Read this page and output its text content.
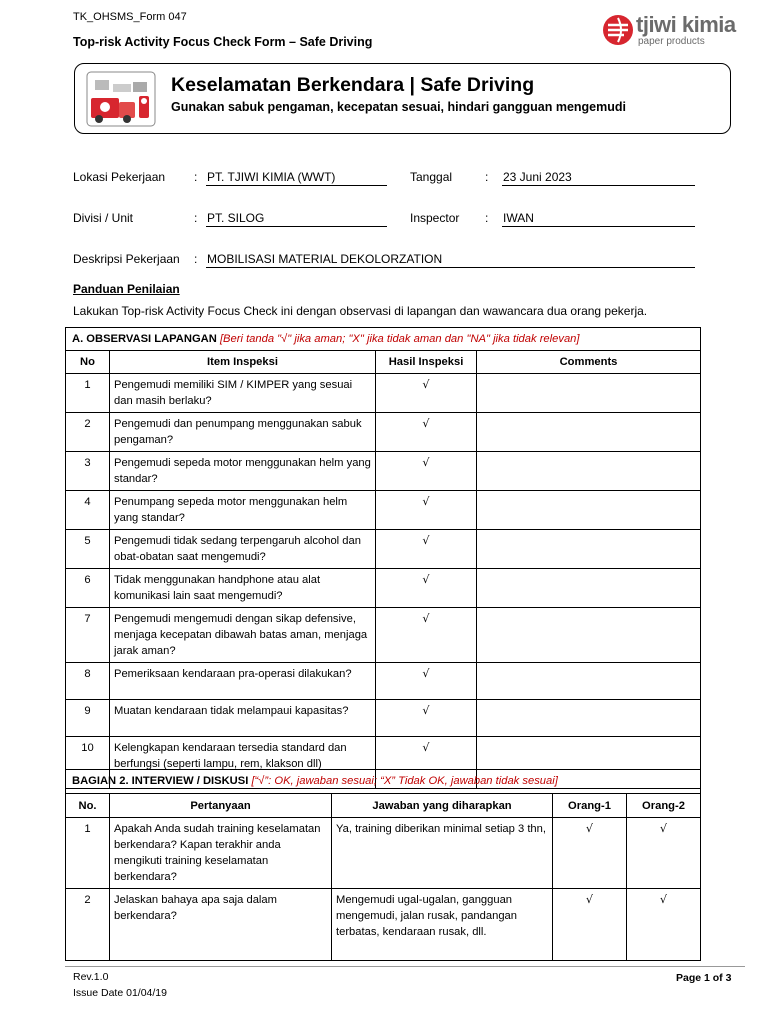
TK_OHSMS_Form 047
Top-risk Activity Focus Check Form – Safe Driving
tjiwi kimia
paper products
Keselamatan Berkendara | Safe Driving
Gunakan sabuk pengaman, kecepatan sesuai, hindari gangguan mengemudi
Lokasi Pekerjaan : PT. TJIWI KIMIA (WWT)	Tanggal	: 23 Juni 2023
Divisi / Unit	: PT. SILOG	Inspector : IWAN
Deskripsi Pekerjaan : MOBILISASI MATERIAL DEKOLORZATION
Panduan Penilaian
Lakukan Top-risk Activity Focus Check ini dengan observasi di lapangan dan wawancara dua orang pekerja.
A. OBSERVASI LAPANGAN [Beri tanda "√" jika aman; "X" jika tidak aman dan "NA" jika tidak relevan]			
No	Item Inspeksi	Hasil Inspeksi	Comments
1	Pengemudi memiliki SIM / KIMPER yang sesuai dan masih berlaku?	√	
2	Pengemudi dan penumpang menggunakan sabuk pengaman?	√	
3	Pengemudi sepeda motor menggunakan helm yang standar?	√	
4	Penumpang sepeda motor menggunakan helm yang standar?	√	
5	Pengemudi tidak sedang terpengaruh alcohol dan obat-obatan saat mengemudi?	√	
6	Tidak menggunakan handphone atau alat komunikasi lain saat mengemudi?	√	
7	Pengemudi mengemudi dengan sikap defensive, menjaga kecepatan dibawah batas aman, menjaga jarak aman?	√	
8	Pemeriksaan kendaraan pra-operasi dilakukan?	√	
9	Muatan kendaraan tidak melampaui kapasitas?	√	
10	Kelengkapan kendaraan tersedia standard dan berfungsi (seperti lampu, rem, klakson dll)	√	
BAGIAN 2. INTERVIEW / DISKUSI [“√”: OK, jawaban sesuai; “X” Tidak OK, jawaban tidak sesuai]				
No.	Pertanyaan	Jawaban yang diharapkan	Orang-1	Orang-2
1	Apakah Anda sudah training keselamatan berkendara? Kapan terakhir anda mengikuti training keselamatan berkendara?	Ya, training diberikan minimal setiap 3 thn,	√	√
2	Jelaskan bahaya apa saja dalam berkendara?	Mengemudi ugal-ugalan, gangguan mengemudi, jalan rusak, pandangan terbatas, kendaraan rusak, dll.	√	√
Rev.1.0
Issue Date 01/04/19
Page 1 of 3
